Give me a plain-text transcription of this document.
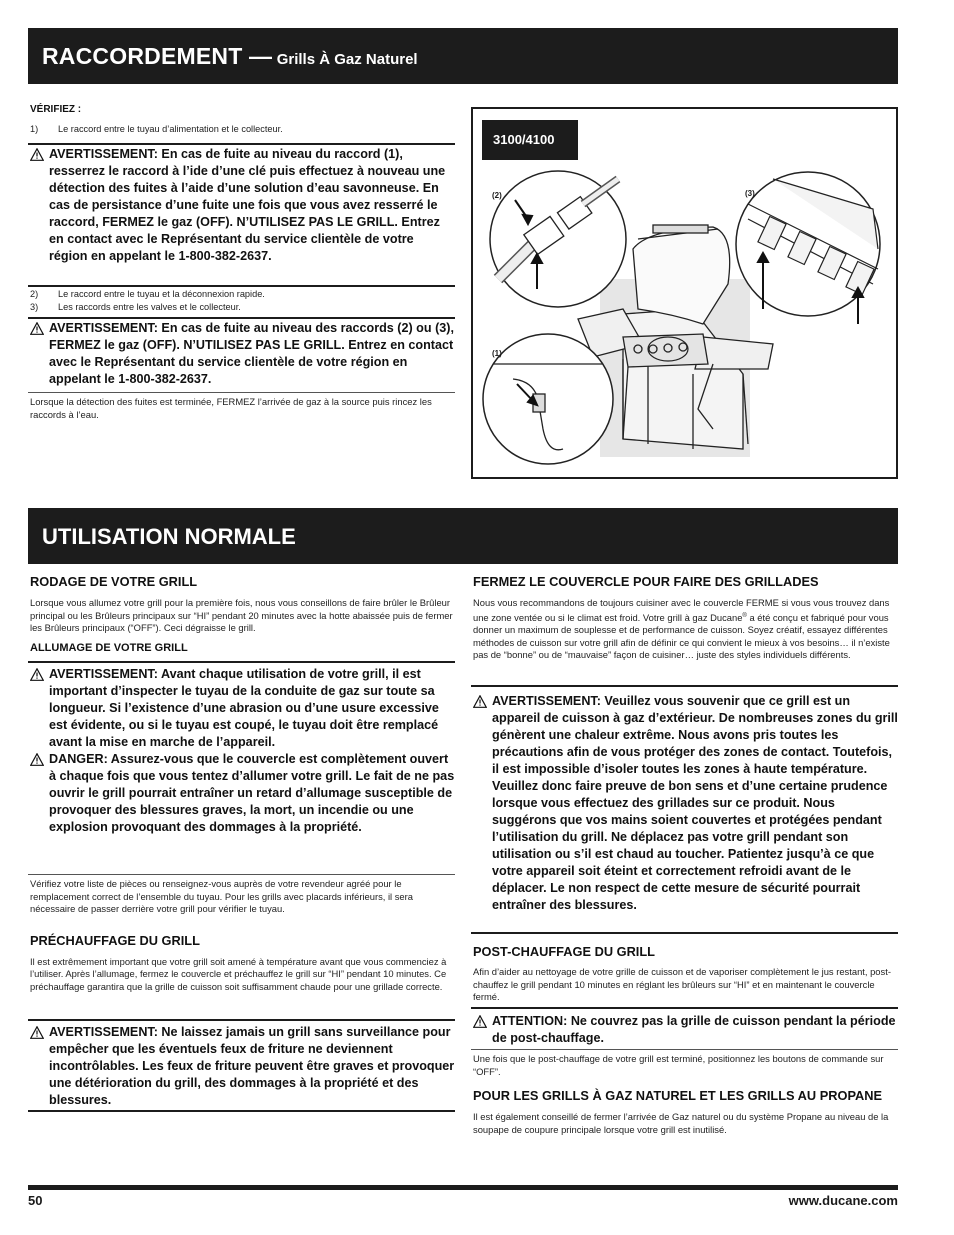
RACCORDEMENT — Grills À Gaz Naturel
VÉRIFIEZ :
1) Le raccord entre le tuyau d’alimentation et le collecteur.
AVERTISSEMENT: En cas de fuite au niveau du raccord (1), resserrez le raccord à l’ide d’une clé puis effectuez à nouveau une détection des fuites à l’aide d’une solution d’eau savonneuse. En cas de persistance d’une fuite une fois que vous avez resserré le raccord, FERMEZ le gaz (OFF). N’UTILISEZ PAS LE GRILL. Entrez en contact avec le Représentant du service clientèle de votre région en appelant le 1-800-382-2637.
2) Le raccord entre le tuyau et la déconnexion rapide.
3) Les raccords entre les valves et le collecteur.
AVERTISSEMENT: En cas de fuite au niveau des raccords (2) ou (3), FERMEZ le gaz (OFF). N’UTILISEZ PAS LE GRILL. Entrez en contact avec le Représentant du service clientèle de votre région en appelant le 1-800-382-2637.
Lorsque la détection des fuites est terminée, FERMEZ l’arrivée de gaz à la source puis rincez les raccords à l’eau.
3100/4100
(2)	(3)
(1)
UTILISATION NORMALE
RODAGE DE VOTRE GRILL
Lorsque vous allumez votre grill pour la première fois, nous vous conseillons de faire brûler le Brûleur principal ou les Brûleurs principaux sur “HI” pendant 20 minutes avec la hotte abaissée puis de fermer les Brûleurs principaux (“OFF”). Ceci dégraisse le grill.
ALLUMAGE DE VOTRE GRILL
AVERTISSEMENT: Avant chaque utilisation de votre grill, il est important d’inspecter le tuyau de la conduite de gaz sur toute sa longueur. Si l’existence d’une abrasion ou d’une usure excessive est évidente, ou si le tuyau est coupé, le tuyau doit être remplacé avant la mise en marche de l’appareil.
DANGER: Assurez-vous que le couvercle est complètement ouvert à chaque fois que vous tentez d’allumer votre grill. Le fait de ne pas ouvrir le grill pourrait entraîner un retard d’allumage susceptible de provoquer des blessures graves, la mort, un incendie ou une explosion provoquant des dommages à la propriété.
Vérifiez votre liste de pièces ou renseignez-vous auprès de votre revendeur agréé pour le remplacement correct de l’ensemble du tuyau. Pour les grills avec placards inférieurs, il sera nécessaire de passer derrière votre grill pour vérifier le tuyau.
PRÉCHAUFFAGE DU GRILL
Il est extrêmement important que votre grill soit amené à température avant que vous commenciez à l’utiliser. Après l’allumage, fermez le couvercle et préchauffez le grill sur “HI” pendant 10 minutes. Ce préchauffage garantira que la grille de cuisson soit suffisamment chaude pour une grillade correcte.
AVERTISSEMENT: Ne laissez jamais un grill sans surveillance pour empêcher que les éventuels feux de friture ne deviennent incontrôlables. Les feux de friture peuvent être graves et provoquer une détérioration du grill, des dommages à la propriété et des blessures.
FERMEZ LE COUVERCLE POUR FAIRE DES GRILLADES
Nous vous recommandons de toujours cuisiner avec le couvercle FERME si vous vous trouvez dans une zone ventée ou si le climat est froid. Votre grill à gaz Ducane® a été conçu et fabriqué pour vous donner un maximum de souplesse et de performance de cuisson. Soyez créatif, essayez différentes méthodes de cuisson sur votre grill afin de définir ce qui convient le mieux à vos besoins… il n’existe pas de “bonne” ou de “mauvaise” façon de cuisiner… juste des styles individuels différents.
AVERTISSEMENT: Veuillez vous souvenir que ce grill est un appareil de cuisson à gaz d’extérieur. De nombreuses zones du grill génèrent une chaleur extrême. Nous avons pris toutes les précautions afin de vous protéger des zones de contact. Toutefois, il est impossible d’isoler toutes les zones à haute température. Veuillez donc faire preuve de bon sens et d’une certaine prudence lorsque vous effectuez des grillades sur ce produit. Nous suggérons que vos mains soient couvertes et protégées pendant l’utilisation du grill. Ne déplacez pas votre grill pendant son utilisation ou s’il est chaud au toucher. Patientez jusqu’à ce que votre appareil soit éteint et correctement refroidi avant de le déplacer. Le non respect de cette mesure de sécurité pourrait entraîner des blessures.
POST-CHAUFFAGE DU GRILL
Afin d’aider au nettoyage de votre grille de cuisson et de vaporiser complètement le jus restant, post-chauffez le grill pendant 10 minutes en réglant les brûleurs sur “HI” et en maintenant le couvercle fermé.
ATTENTION: Ne couvrez pas la grille de cuisson pendant la période de post-chauffage.
Une fois que le post-chauffage de votre grill est terminé, positionnez les boutons de commande sur “OFF”.
POUR LES GRILLS À GAZ NATUREL ET LES GRILLS AU PROPANE
Il est également conseillé de fermer l’arrivée de Gaz naturel ou du système Propane au niveau de la soupape de coupure principale lorsque votre grill est inutilisé.
50	www.ducane.com
